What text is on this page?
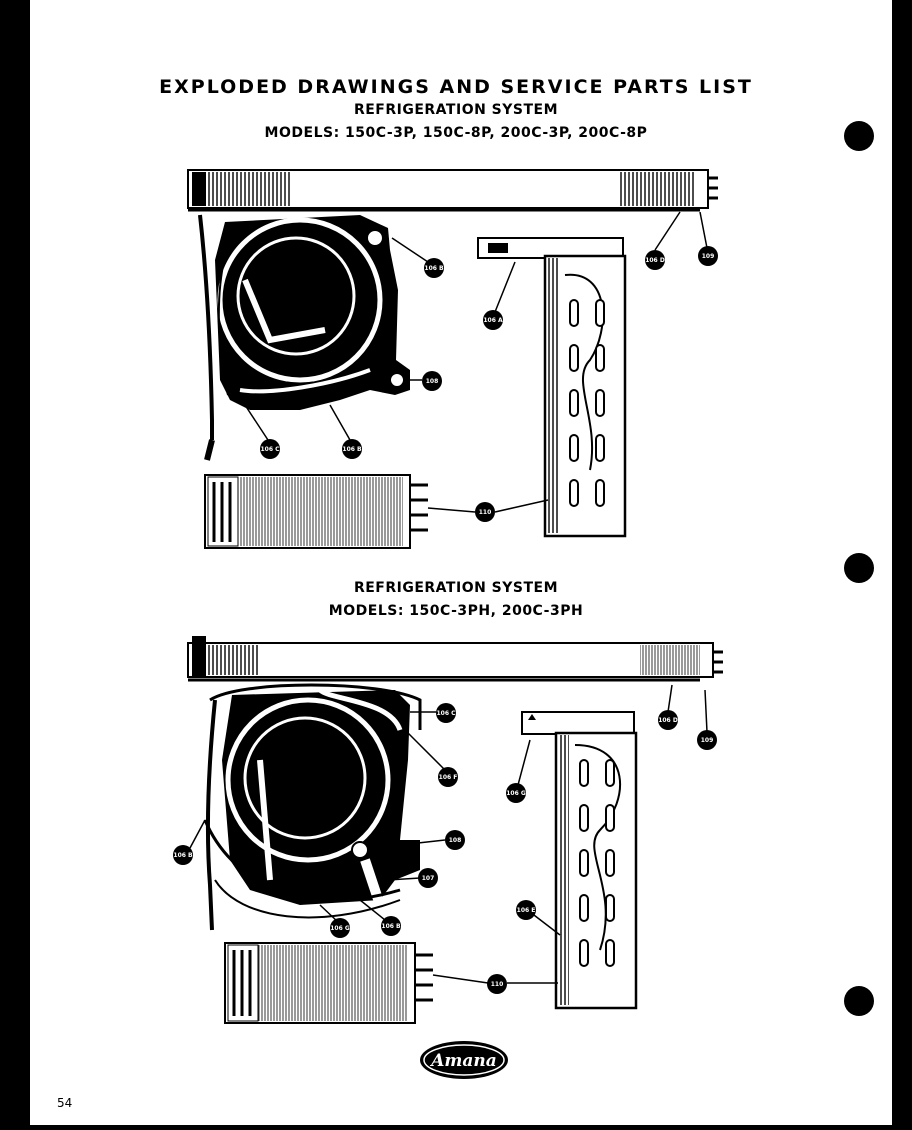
EXPLODED DRAWINGS AND SERVICE PARTS LIST
REFRIGERATION SYSTEM
MODELS: 150C-3P, 150C-8P, 200C-3P, 200C-8P
REFRIGERATION SYSTEM
MODELS: 150C-3PH, 200C-3PH
106 D
109
106 B
106 A
108
106 C	106 B
110
106 C
106 F
106 D
109
106 G
108
106 B
107
106 G	106 B
106 E
110
Amana
54
